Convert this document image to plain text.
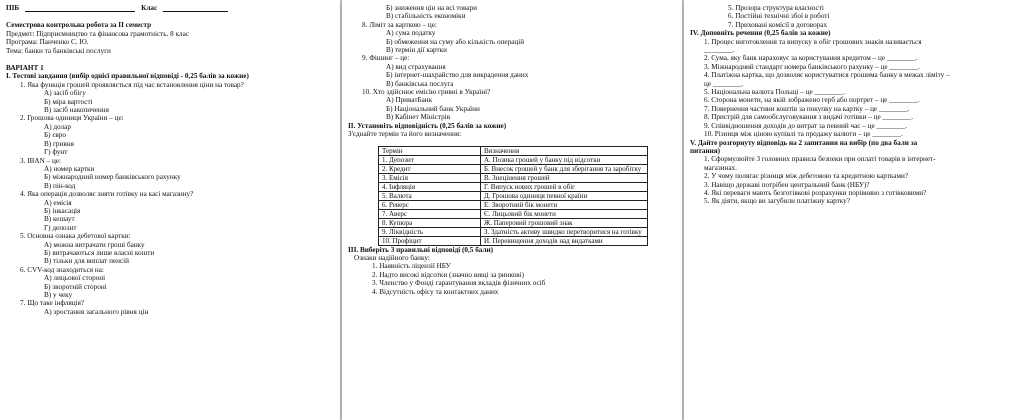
ПІБ	Клас
Семестрова контрольна робота за ІІ семестр
Предмет: Підприємництво та фінансова грамотність. 8 клас
Програма: Панченко С. Ю.
Тема: банки та банківські послуги
ВАРІАНТ 1
І. Тестові завдання (вибір однієї правильної відповіді - 0,25 балів за кожне)
1. Яка функція грошей проявляється під час встановлення ціни на товар?
А) засіб обігу
Б) міра вартості
В) засіб накопичення
2. Грошова одиниця України – це:
А) долар
Б) євро
В) гривня
Г) фунт
3. IBAN – це:
А) номер картки
Б) міжнародний номер банківського рахунку
В) пін-код
4. Яка операція дозволяє зняти готівку на касі магазину?
А) емісія
Б) інкасація
В) кешаут
Г) депозит
5. Основна ознака дебетової картки:
А) можна витрачати гроші банку
Б) витрачаються лише власні кошти
В) тільки для виплат пенсій
6. CVV-код знаходиться на:
А) лицьової стороні
Б) зворотній стороні
В) у чеку
7. Що таке інфляція?
А) зростання загального рівня цін
Б) зниження цін на всі товари
В) стабільність економіки
8. Ліміт за карткою – це:
А) сума податку
Б) обмеження на суму або кількість операцій
В) термін дії картки
9. Фішинг – це:
А) вид страхування
Б) інтернет-шахрайство для викрадення даних
В) банківська послуга
10. Хто здійснює емісію гривні в Україні?
А) ПриватБанк
Б) Національний банк України
В) Кабінет Міністрів
ІІ. Установіть відповідність (0,25 балів за кожне)
З'єднайте термін та його визначення:
Термін	Визначення
1. Депозит	А. Позика грошей у банку під відсотки
2. Кредит	Б. Внесок грошей у банк для зберігання та заробітку
3. Емісія	В. Знецінення грошей
4. Інфляція	Г. Випуск нових грошей в обіг
5. Валюта	Д. Грошова одиниця певної країни
6. Реверс	Е. Зворотний бік монети
7. Аверс	Є. Лицьовий бік монети
8. Купюра	Ж. Паперовий грошовий знак
9. Ліквідність	З. Здатність активу швидко перетворитися на готівку
10. Профіцит	И. Перевищення доходів над видатками
ІІІ. Виберіть 3 правильні відповіді (0,5 бали)
Ознаки надійного банку:
1. Наявність ліцензії НБУ
2. Надто високі відсотки (значно вищі за ринкові)
3. Членство у Фонді гарантування вкладів фізичних осіб
4. Відсутність офісу та контактних даних
5. Прозора структура власності
6. Постійні технічні збої в роботі
7. Приховані комісії в договорах
IV. Доповніть речення (0,25 балів за кожне)
1. Процес виготовлення та випуску в обіг грошових знаків називається
________.
2. Сума, яку банк нараховує за користування кредитом – це ________.
3. Міжнародний стандарт номера банківського рахунку – це ________.
4. Платіжна картка, що дозволяє користуватися грошима банку в межах ліміту –
це ________.
5. Національна валюта Польщі – це ________.
6. Сторона монети, на якій зображено герб або портрет – це ________.
7. Повернення частини коштів за покупку на картку – це ________.
8. Пристрій для самообслуговування з видачі готівки – це ________.
9. Співвідношення доходів до витрат за певний час – це ________.
10. Різниця між ціною купівлі та продажу валюти – це ________.
V. Дайте розгорнуту відповідь на 2 запитання на вибір (по два бали за
питання)
1. Сформулюйте 3 головних правила безпеки при оплаті товарів в інтернет-
магазинах.
2. У чому полягає різниця між дебетовою та кредитною картками?
3. Навіщо державі потрібен центральний банк (НБУ)?
4. Які переваги мають безготівкові розрахунки порівняно з готівковими?
5. Як діяти, якщо ви загубили платіжну картку?
